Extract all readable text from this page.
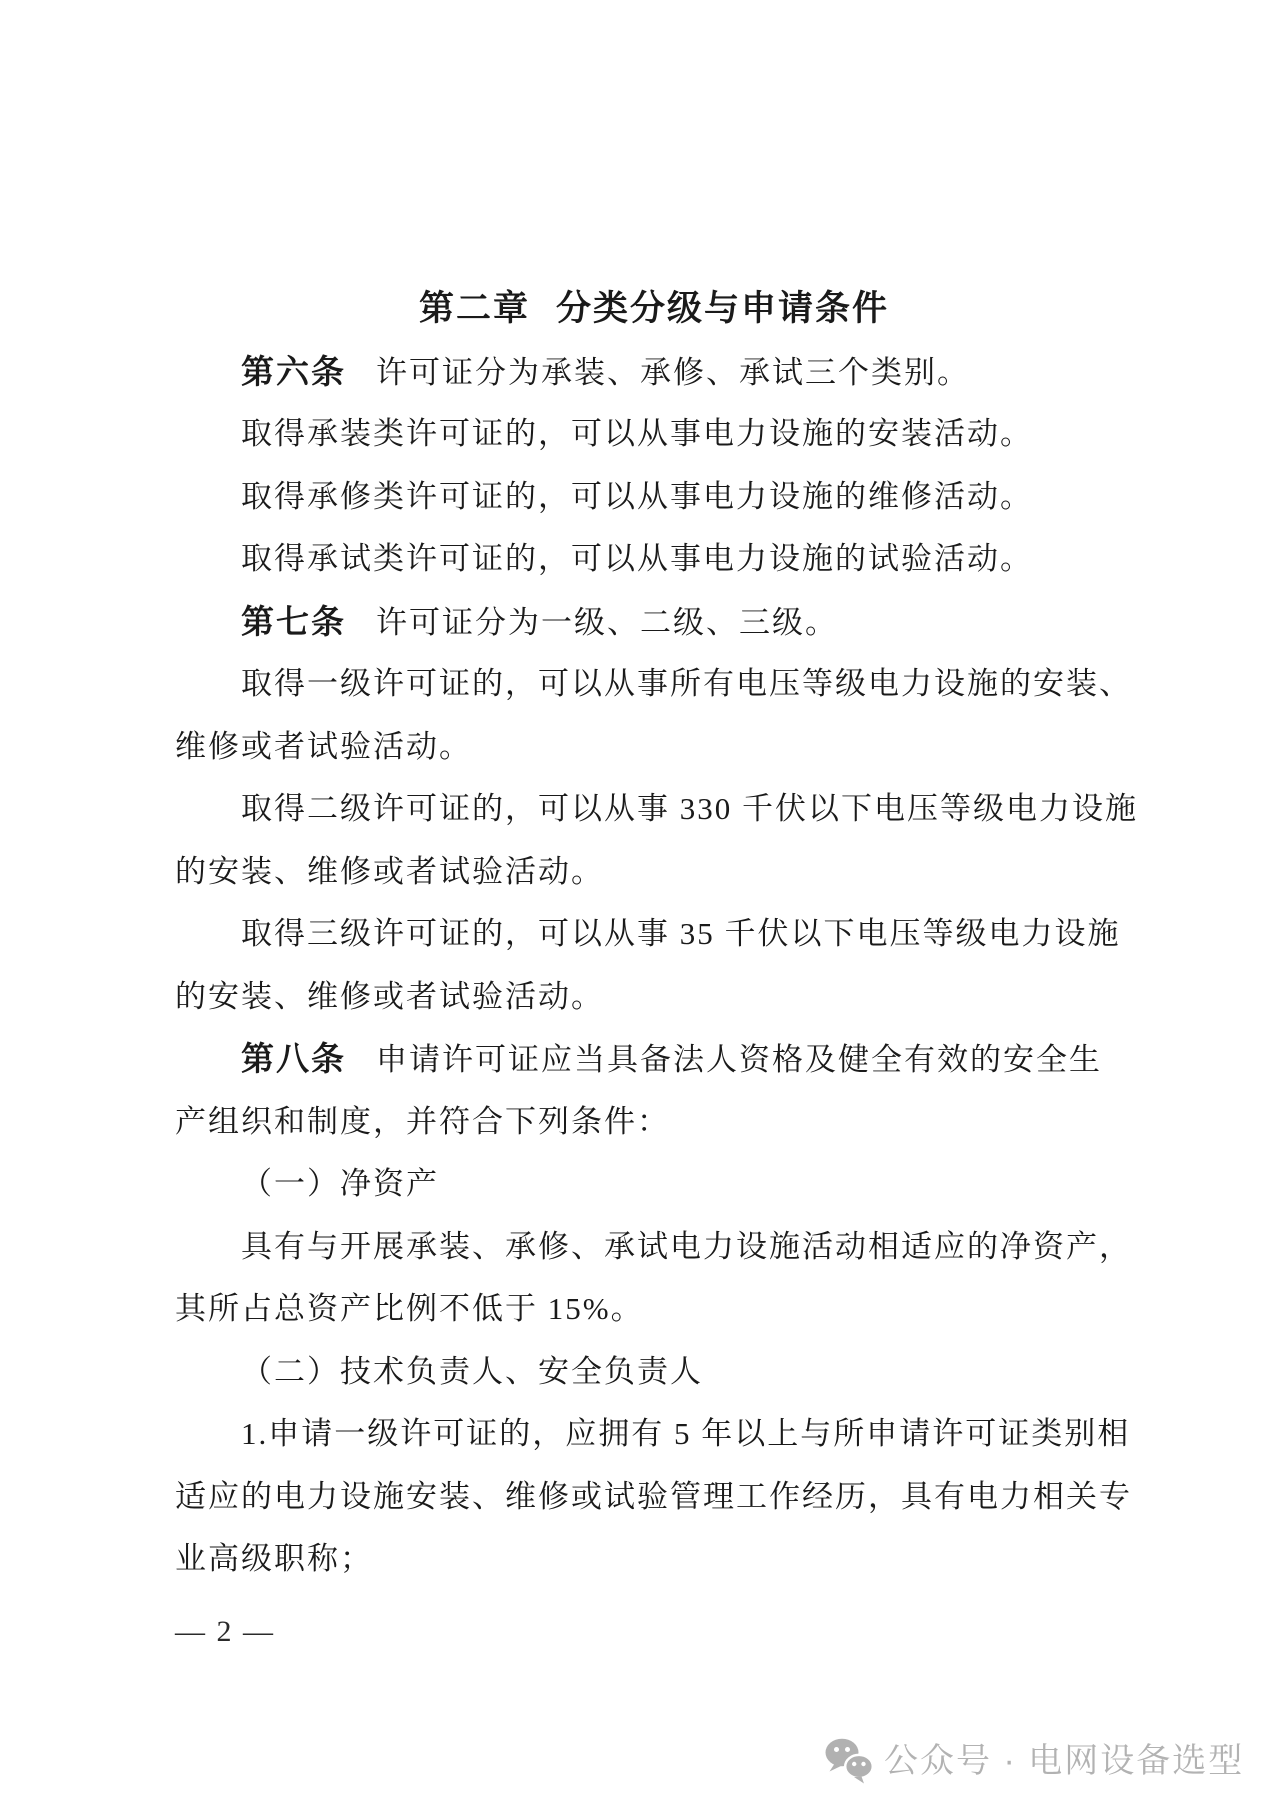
第二章 分类分级与申请条件
第六条 许可证分为承装、承修、承试三个类别。
取得承装类许可证的，可以从事电力设施的安装活动。
取得承修类许可证的，可以从事电力设施的维修活动。
取得承试类许可证的，可以从事电力设施的试验活动。
第七条 许可证分为一级、二级、三级。
取得一级许可证的，可以从事所有电压等级电力设施的安装、
维修或者试验活动。
取得二级许可证的，可以从事 330 千伏以下电压等级电力设施
的安装、维修或者试验活动。
取得三级许可证的，可以从事 35 千伏以下电压等级电力设施
的安装、维修或者试验活动。
第八条 申请许可证应当具备法人资格及健全有效的安全生
产组织和制度，并符合下列条件：
（一）净资产
具有与开展承装、承修、承试电力设施活动相适应的净资产，
其所占总资产比例不低于 15%。
（二）技术负责人、安全负责人
1.申请一级许可证的，应拥有 5 年以上与所申请许可证类别相
适应的电力设施安装、维修或试验管理工作经历，具有电力相关专
业高级职称；
— 2 —
公众号 · 电网设备选型
